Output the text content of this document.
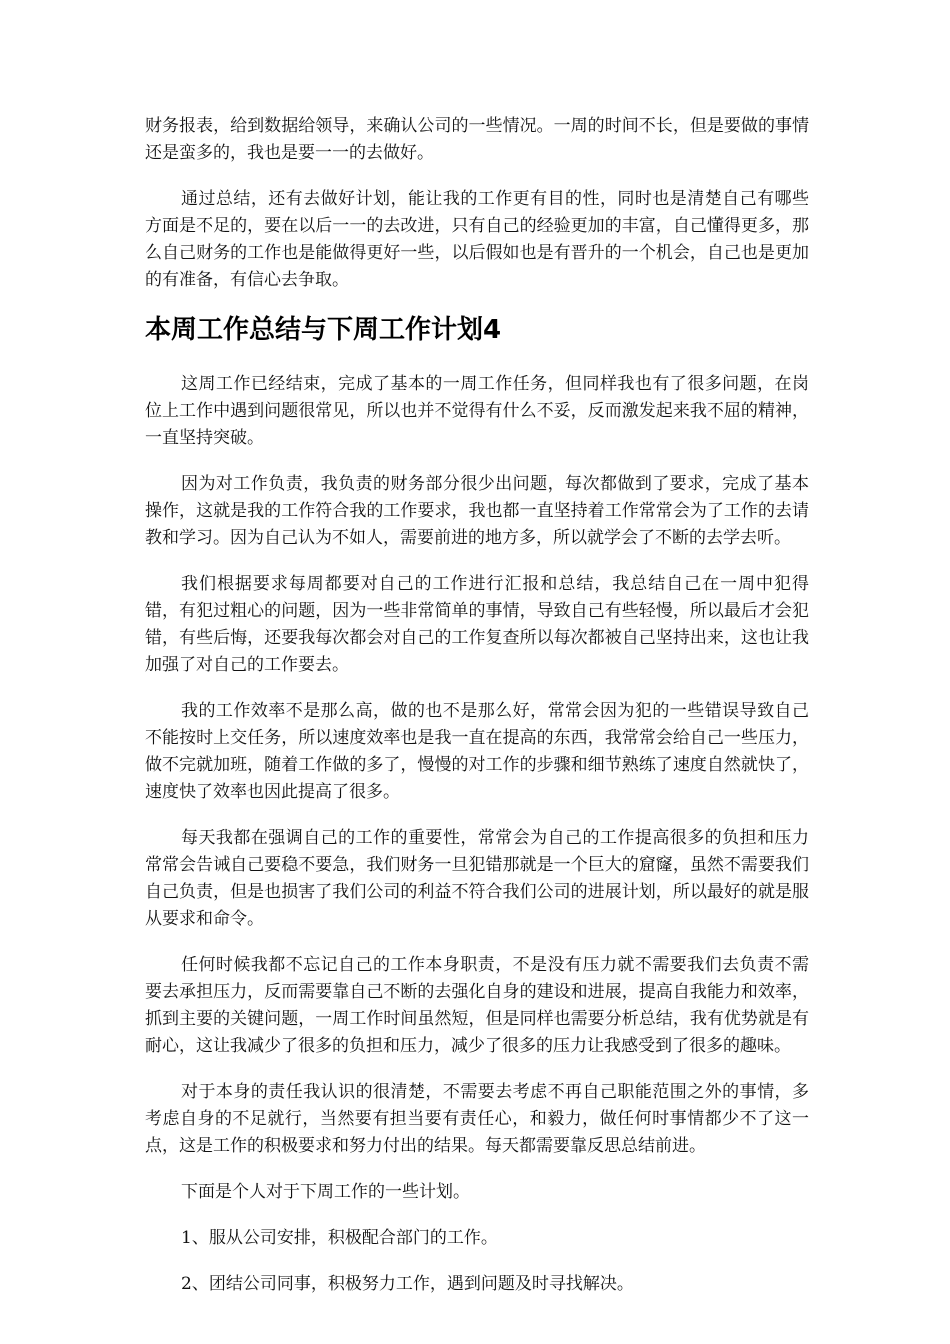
财务报表，给到数据给领导，来确认公司的一些情况。一周的时间不长，但是要做的事情还是蛮多的，我也是要一一的去做好。

通过总结，还有去做好计划，能让我的工作更有目的性，同时也是清楚自己有哪些方面是不足的，要在以后一一的去改进，只有自己的经验更加的丰富，自己懂得更多，那么自己财务的工作也是能做得更好一些，以后假如也是有晋升的一个机会，自己也是更加的有准备，有信心去争取。

本周工作总结与下周工作计划4

这周工作已经结束，完成了基本的一周工作任务，但同样我也有了很多问题，在岗位上工作中遇到问题很常见，所以也并不觉得有什么不妥，反而激发起来我不屈的精神，一直坚持突破。

因为对工作负责，我负责的财务部分很少出问题，每次都做到了要求，完成了基本操作，这就是我的工作符合我的工作要求，我也都一直坚持着工作常常会为了工作的去请教和学习。因为自己认为不如人，需要前进的地方多，所以就学会了不断的去学去听。

我们根据要求每周都要对自己的工作进行汇报和总结，我总结自己在一周中犯得错，有犯过粗心的问题，因为一些非常简单的事情，导致自己有些轻慢，所以最后才会犯错，有些后悔，还要我每次都会对自己的工作复查所以每次都被自己坚持出来，这也让我加强了对自己的工作要去。

我的工作效率不是那么高，做的也不是那么好，常常会因为犯的一些错误导致自己不能按时上交任务，所以速度效率也是我一直在提高的东西，我常常会给自己一些压力，做不完就加班，随着工作做的多了，慢慢的对工作的步骤和细节熟练了速度自然就快了，速度快了效率也因此提高了很多。

每天我都在强调自己的工作的重要性，常常会为自己的工作提高很多的负担和压力常常会告诫自己要稳不要急，我们财务一旦犯错那就是一个巨大的窟窿，虽然不需要我们自己负责，但是也损害了我们公司的利益不符合我们公司的进展计划，所以最好的就是服从要求和命令。

任何时候我都不忘记自己的工作本身职责，不是没有压力就不需要我们去负责不需要去承担压力，反而需要靠自己不断的去强化自身的建设和进展，提高自我能力和效率，抓到主要的关键问题，一周工作时间虽然短，但是同样也需要分析总结，我有优势就是有耐心，这让我减少了很多的负担和压力，减少了很多的压力让我感受到了很多的趣味。

对于本身的责任我认识的很清楚，不需要去考虑不再自己职能范围之外的事情，多考虑自身的不足就行，当然要有担当要有责任心，和毅力，做任何时事情都少不了这一点，这是工作的积极要求和努力付出的结果。每天都需要靠反思总结前进。

下面是个人对于下周工作的一些计划。

1、服从公司安排，积极配合部门的工作。

2、团结公司同事，积极努力工作，遇到问题及时寻找解决。
